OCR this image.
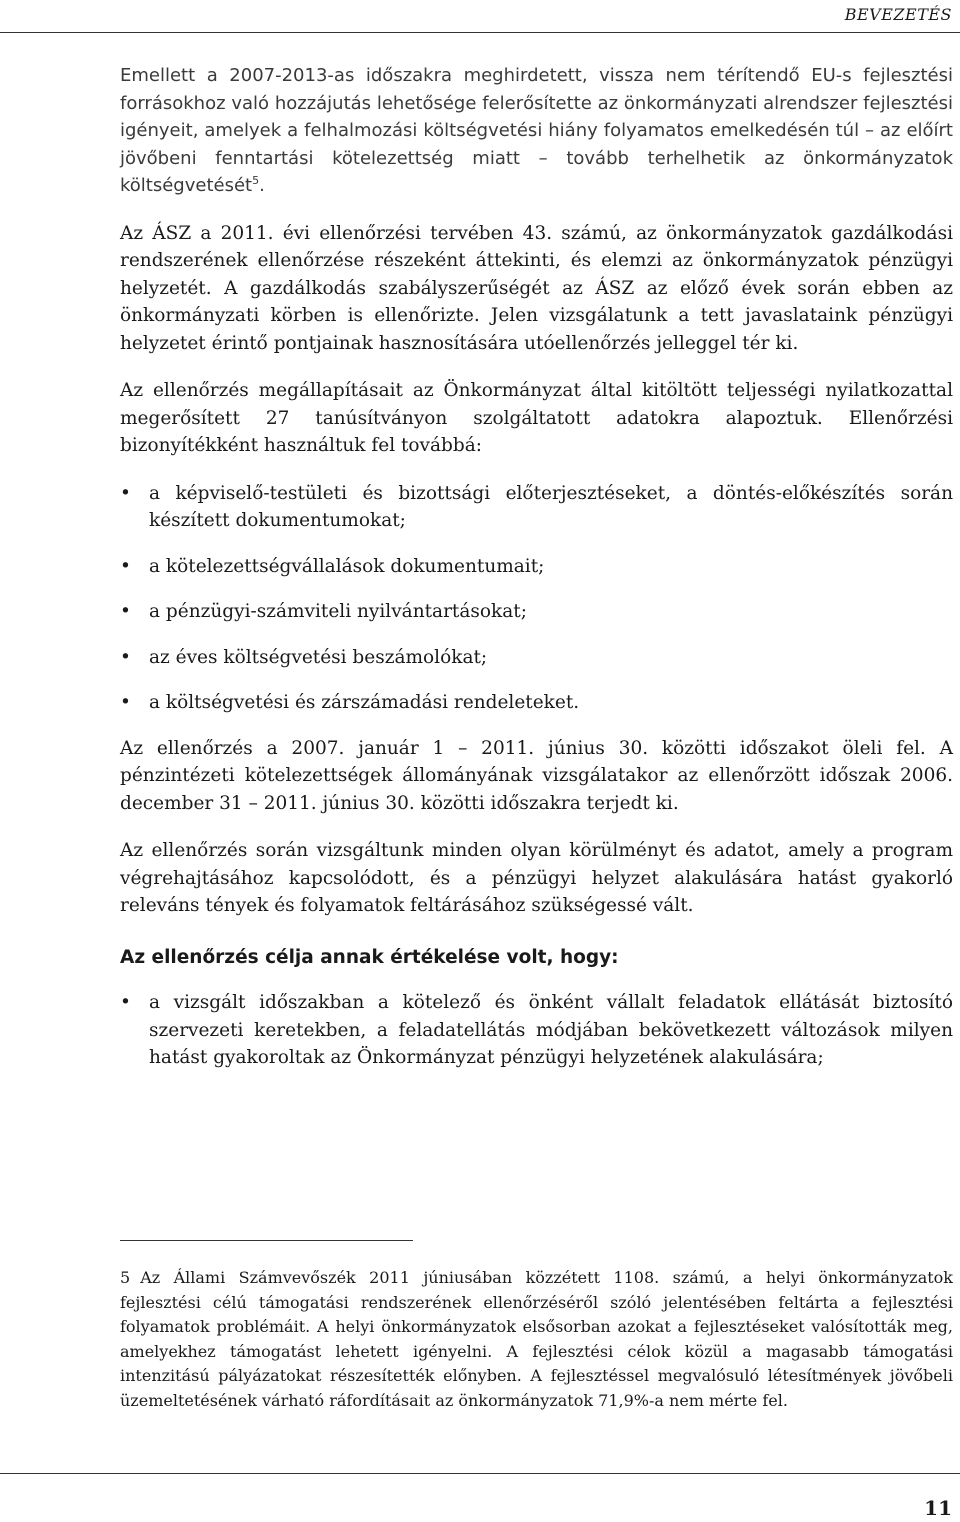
BEVEZETÉS

Emellett a 2007-2013-as időszakra meghirdetett, vissza nem térítendő EU-s fejlesztési forrásokhoz való hozzájutás lehetősége felerősítette az önkormányzati alrendszer fejlesztési igényeit, amelyek a felhalmozási költségvetési hiány folyamatos emelkedésén túl – az előírt jövőbeni fenntartási kötelezettség miatt – tovább terhelhetik az önkormányzatok költségvetését$^5$.

Az ÁSZ a 2011. évi ellenőrzési tervében 43. számú, az önkormányzatok gazdálkodási rendszerének ellenőrzése részeként áttekinti, és elemzi az önkormányzatok pénzügyi helyzetét. A gazdálkodás szabályszerűségét az ÁSZ az előző évek során ebben az önkormányzati körben is ellenőrizte. Jelen vizsgálatunk a tett javaslataink pénzügyi helyzetet érintő pontjainak hasznosítására utóellenőrzés jelleggel tér ki.

Az ellenőrzés megállapításait az Önkormányzat által kitöltött teljességi nyilatkozattal megerősített 27 tanúsítványon szolgáltatott adatokra alapoztuk. Ellenőrzési bizonyítékként használtuk fel továbbá:

• a képviselő-testületi és bizottsági előterjesztéseket, a döntés-előkészítés során készített dokumentumokat;
• a kötelezettségvállalások dokumentumait;
• a pénzügyi-számviteli nyilvántartásokat;
• az éves költségvetési beszámolókat;
• a költségvetési és zárszámadási rendeleteket.

Az ellenőrzés a 2007. január 1 – 2011. június 30. közötti időszakot öleli fel. A pénzintézeti kötelezettségek állományának vizsgálatakor az ellenőrzött időszak 2006. december 31 – 2011. június 30. közötti időszakra terjedt ki.

Az ellenőrzés során vizsgáltunk minden olyan körülményt és adatot, amely a program végrehajtásához kapcsolódott, és a pénzügyi helyzet alakulására hatást gyakorló releváns tények és folyamatok feltárásához szükségessé vált.

Az ellenőrzés célja annak értékelése volt, hogy:
• a vizsgált időszakban a kötelező és önként vállalt feladatok ellátását biztosító szervezeti keretekben, a feladatellátás módjában bekövetkezett változások milyen hatást gyakoroltak az Önkormányzat pénzügyi helyzetének alakulására;
5 Az Állami Számvevőszék 2011 júniusában közzétett 1108. számú, a helyi önkormányzatok fejlesztési célú támogatási rendszerének ellenőrzéséről szóló jelentésében feltárta a fejlesztési folyamatok problémáit. A helyi önkormányzatok elsősorban azokat a fejlesztéseket valósították meg, amelyekhez támogatást lehetett igényelni. A fejlesztési célok közül a magasabb támogatási intenzitású pályázatokat részesítették előnyben. A fejlesztéssel megvalósuló létesítmények jövőbeli üzemeltetésének várható ráfordításait az önkormányzatok 71,9%-a nem mérte fel.
11
